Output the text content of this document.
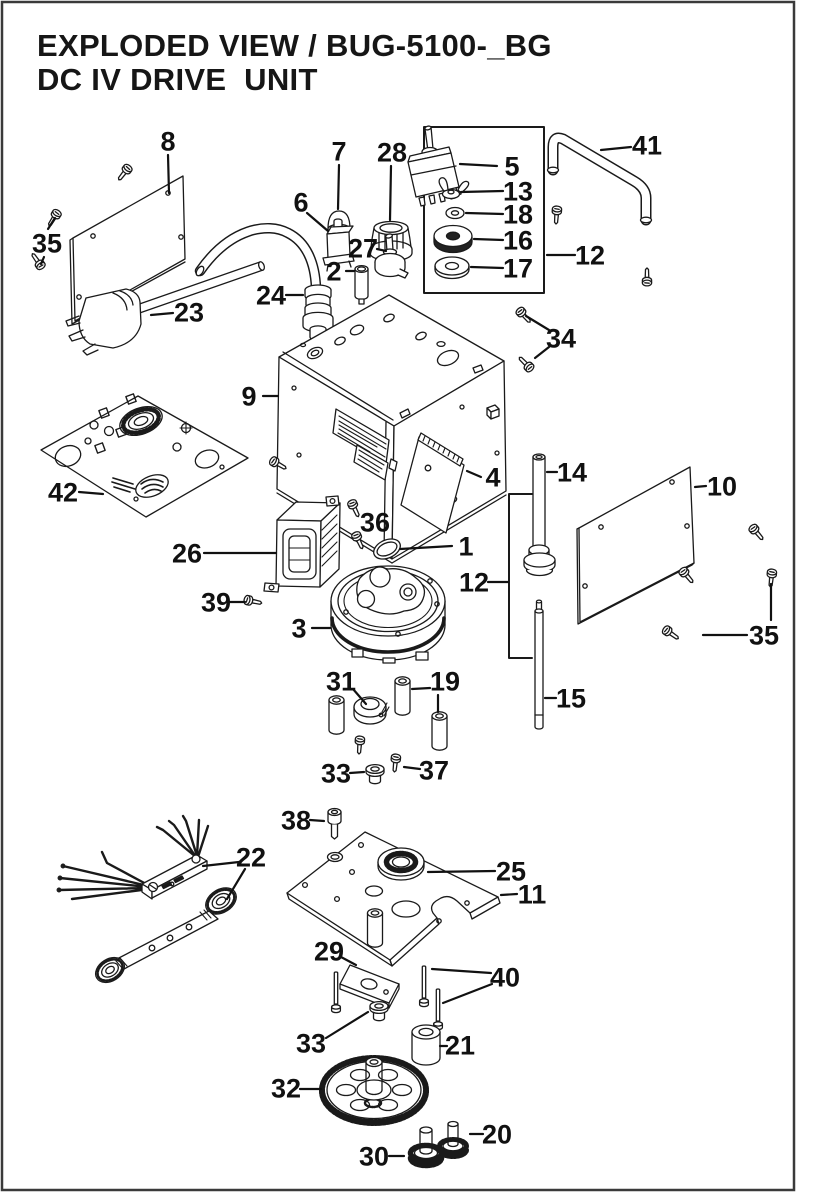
EXPLODED VIEW / BUG-5100-_BG
DC IV DRIVE  UNIT
8	7 28	5
41
13
18
16
17 12
35
6
27
2
24
23
34
9
4 14	10
42
26
36
1
3
12
39
15
35
31	19
33	37
38
22	25
11
29
40
33	21
32
30
20
